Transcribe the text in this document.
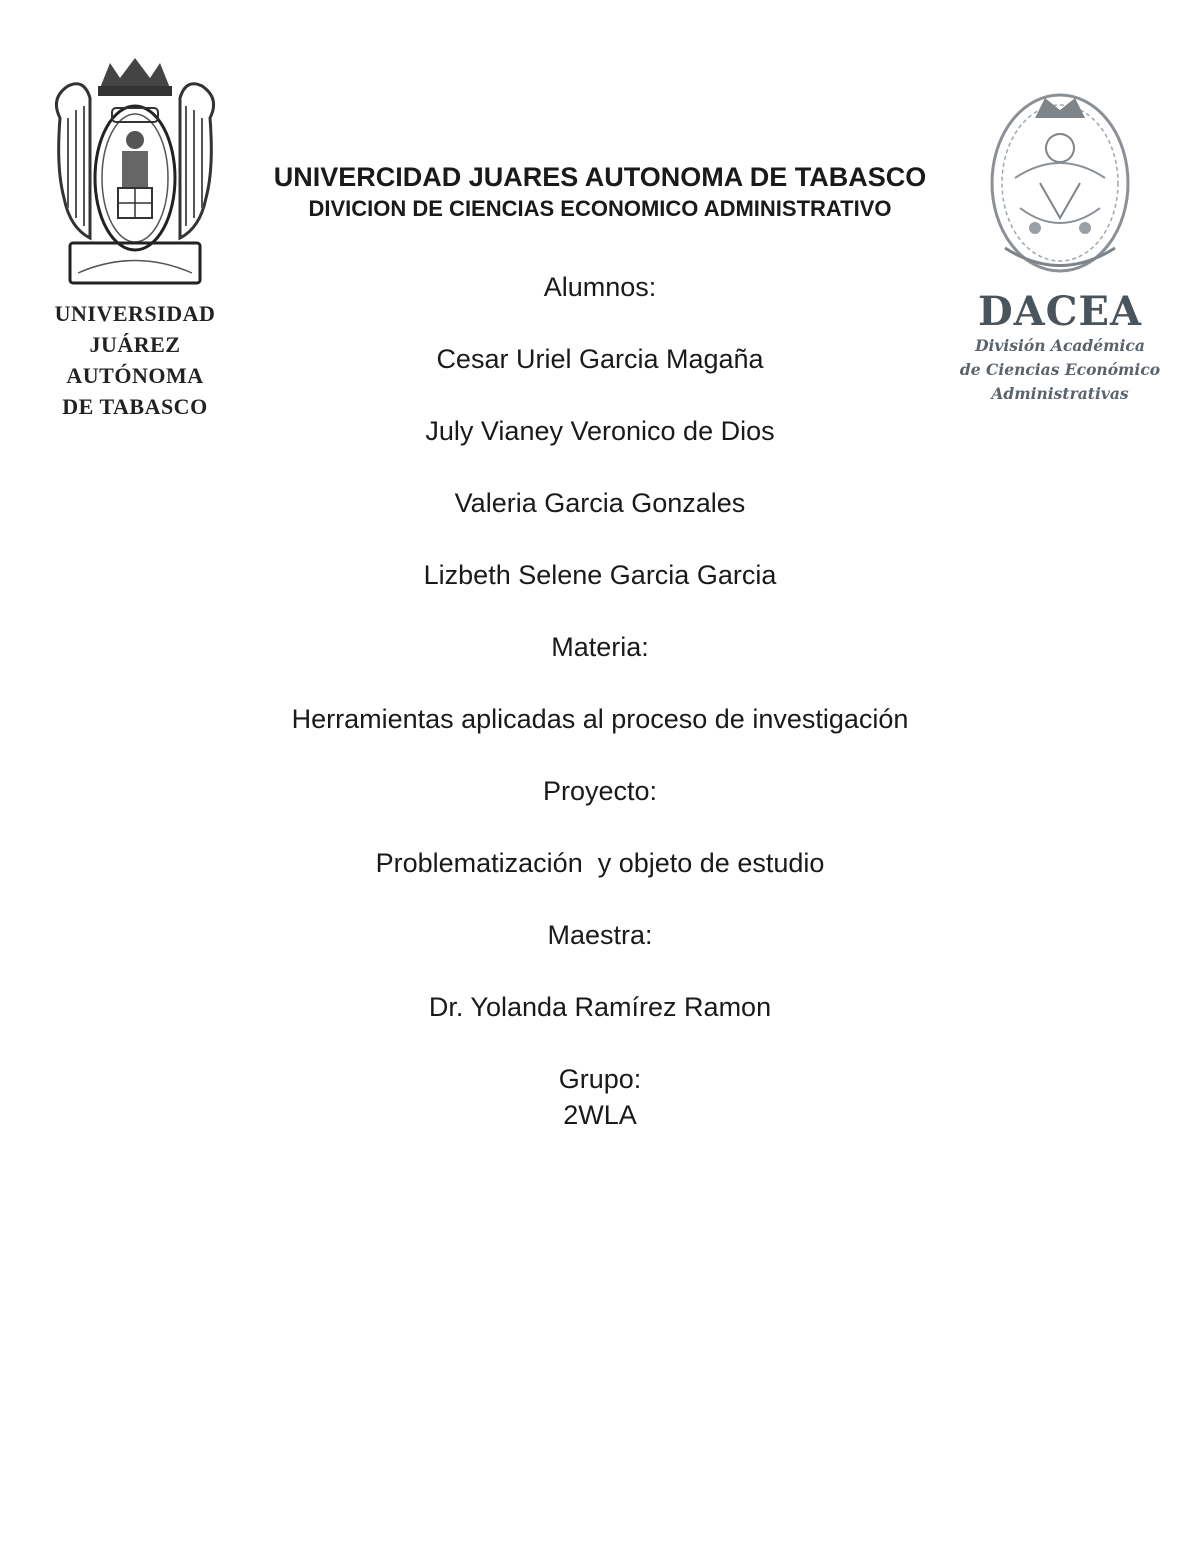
UNIVERSIDAD
JUÁREZ
AUTÓNOMA
DE TABASCO
DACEA
División Académica
de Ciencias Económico
Administrativas
UNIVERCIDAD JUARES AUTONOMA DE TABASCO
DIVICION DE CIENCIAS ECONOMICO ADMINISTRATIVO
Alumnos:
Cesar Uriel Garcia Magaña
July Vianey Veronico de Dios
Valeria Garcia Gonzales
Lizbeth Selene Garcia Garcia
Materia:
Herramientas aplicadas al proceso de investigación
Proyecto:
Problematización  y objeto de estudio
Maestra:
Dr. Yolanda Ramírez Ramon
Grupo:
2WLA
